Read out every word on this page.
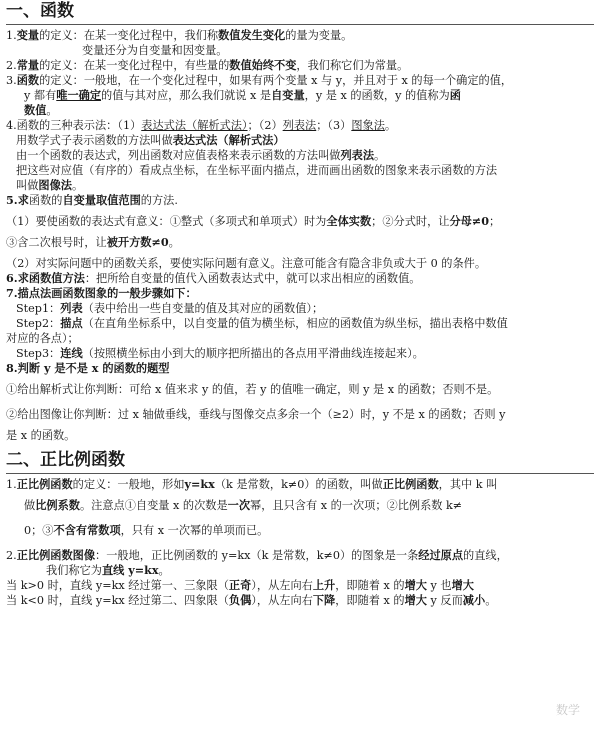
一、函数
1.变量的定义：在某一变化过程中，我们称数值发生变化的量为变量。
变量还分为自变量和因变量。
2.常量的定义：在某一变化过程中，有些量的数值始终不变，我们称它们为常量。
3.函数的定义：一般地，在一个变化过程中，如果有两个变量 x 与 y，并且对于 x 的每一个确定的值，
y 都有唯一确定的值与其对应，那么我们就说 x 是自变量，y 是 x 的函数，y 的值称为函
数值。
4.函数的三种表示法：（1）表达式法（解析式法）；（2）列表法；（3）图象法。
用数学式子表示函数的方法叫做表达式法（解析式法）
由一个函数的表达式，列出函数对应值表格来表示函数的方法叫做列表法。
把这些对应值（有序的）看成点坐标，在坐标平面内描点，进而画出函数的图象来表示函数的方法
叫做图像法。
5.求函数的自变量取值范围的方法.
（1）要使函数的表达式有意义：①整式（多项式和单项式）时为全体实数；②分式时，让分母≠0；
③含二次根号时，让被开方数≠0。
（2）对实际问题中的函数关系，要使实际问题有意义。注意可能含有隐含非负或大于 0 的条件。
6.求函数值方法：把所给自变量的值代入函数表达式中，就可以求出相应的函数值。
7.描点法画函数图象的一般步骤如下：
Step1：列表（表中给出一些自变量的值及其对应的函数值）；
Step2：描点（在直角坐标系中，以自变量的值为横坐标，相应的函数值为纵坐标，描出表格中数值
对应的各点）；
Step3：连线（按照横坐标由小到大的顺序把所描出的各点用平滑曲线连接起来）。
8.判断 y 是不是 x 的函数的题型
①给出解析式让你判断：可给 x 值来求 y 的值，若 y 的值唯一确定，则 y 是 x 的函数；否则不是。
②给出图像让你判断：过 x 轴做垂线，垂线与图像交点多余一个（≥2）时，y 不是 x 的函数；否则 y
是 x 的函数。
二、正比例函数
1.正比例函数的定义：一般地，形如y=kx（k 是常数，k≠0）的函数，叫做正比例函数，其中 k 叫
做比例系数。注意点①自变量 x 的次数是一次幂，且只含有 x 的一次项；②比例系数 k≠
0；③不含有常数项，只有 x 一次幂的单项而已。
2.正比例函数图像：一般地，正比例函数的 y=kx（k 是常数，k≠0）的图象是一条经过原点的直线，
我们称它为直线 y=kx。
当 k>0 时，直线 y=kx 经过第一、三象限（正奇），从左向右上升，即随着 x 的增大 y 也增大
当 k<0 时，直线 y=kx 经过第二、四象限（负偶），从左向右下降，即随着 x 的增大 y 反而减小。
数学
